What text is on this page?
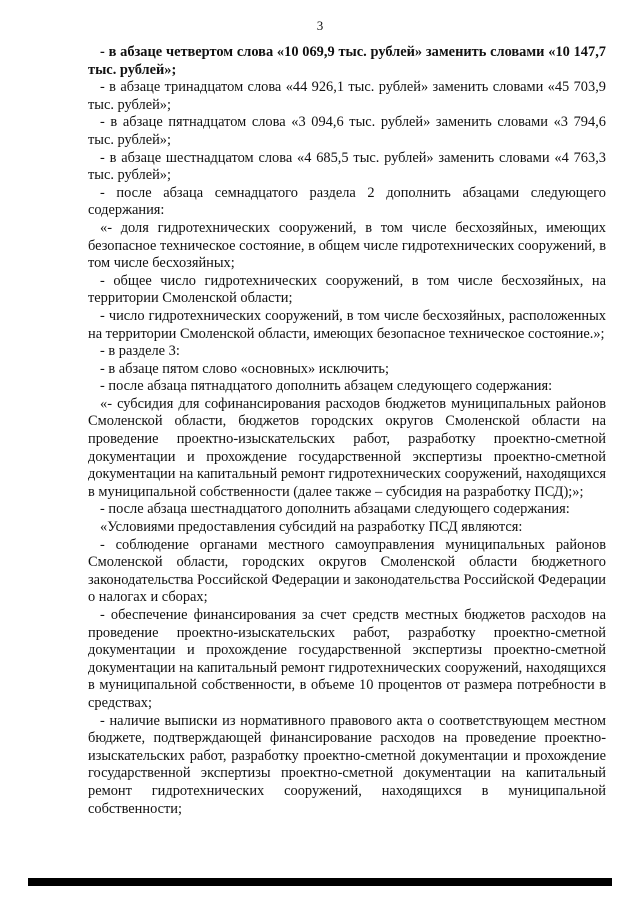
3

- в абзаце четвертом слова «10 069,9 тыс. рублей» заменить словами «10 147,7 тыс. рублей»;

- в абзаце тринадцатом слова «44 926,1 тыс. рублей» заменить словами «45 703,9 тыс. рублей»;

- в абзаце пятнадцатом слова «3 094,6 тыс. рублей» заменить словами «3 794,6 тыс. рублей»;

- в абзаце шестнадцатом слова «4 685,5 тыс. рублей» заменить словами «4 763,3 тыс. рублей»;

- после абзаца семнадцатого раздела 2 дополнить абзацами следующего содержания:

«- доля гидротехнических сооружений, в том числе бесхозяйных, имеющих безопасное техническое состояние, в общем числе гидротехнических сооружений, в том числе бесхозяйных;

- общее число гидротехнических сооружений, в том числе бесхозяйных, на территории Смоленской области;

- число гидротехнических сооружений, в том числе бесхозяйных, расположенных на территории Смоленской области, имеющих безопасное техническое состояние.»;

- в разделе 3:

- в абзаце пятом слово «основных» исключить;

- после абзаца пятнадцатого дополнить абзацем следующего содержания:

«- субсидия для софинансирования расходов бюджетов муниципальных районов Смоленской области, бюджетов городских округов Смоленской области на проведение проектно-изыскательских работ, разработку проектно-сметной документации и прохождение государственной экспертизы проектно-сметной документации на капитальный ремонт гидротехнических сооружений, находящихся в муниципальной собственности (далее также – субсидия на разработку ПСД);»;

- после абзаца шестнадцатого дополнить абзацами следующего содержания:

«Условиями предоставления субсидий на разработку ПСД являются:

- соблюдение органами местного самоуправления муниципальных районов Смоленской области, городских округов Смоленской области бюджетного законодательства Российской Федерации и законодательства Российской Федерации о налогах и сборах;

- обеспечение финансирования за счет средств местных бюджетов расходов на проведение проектно-изыскательских работ, разработку проектно-сметной документации и прохождение государственной экспертизы проектно-сметной документации на капитальный ремонт гидротехнических сооружений, находящихся в муниципальной собственности, в объеме 10 процентов от размера потребности в средствах;

- наличие выписки из нормативного правового акта о соответствующем местном бюджете, подтверждающей финансирование расходов на проведение проектно-изыскательских работ, разработку проектно-сметной документации и прохождение государственной экспертизы проектно-сметной документации на капитальный ремонт гидротехнических сооружений, находящихся в муниципальной собственности;
